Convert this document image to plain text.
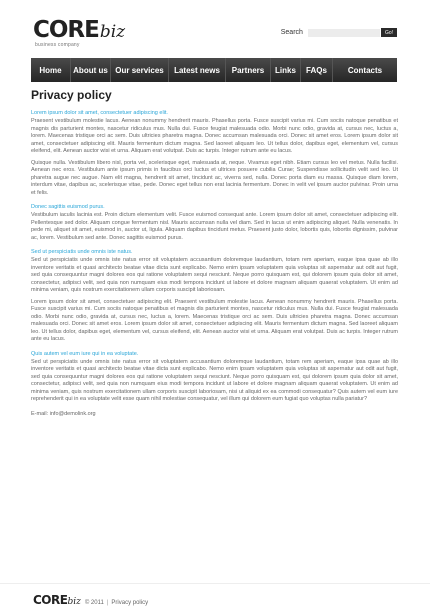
COREbiz
business company
Search	Go!
Home	About us Our services	Latest news	Partners	Links	FAQs	Contacts
Privacy policy
Lorem ipsum dolor sit amet, consectetuer adipiscing elit.

Praesent vestibulum molestie lacus. Aenean nonummy hendrerit mauris. Phasellus porta. Fusce suscipit varius mi. Cum sociis natoque penatibus et magnis dis parturient montes, nascetur ridiculus mus. Nulla dui. Fusce feugiat malesuada odio. Morbi nunc odio, gravida at, cursus nec, luctus a, lorem. Maecenas tristique orci ac sem. Duis ultricies pharetra magna. Donec accumsan malesuada orci. Donec sit amet eros. Lorem ipsum dolor sit amet, consectetuer adipiscing elit. Mauris fermentum dictum magna. Sed laoreet aliquam leo. Ut tellus dolor, dapibus eget, elementum vel, cursus eleifend, elit. Aenean auctor wisi et urna. Aliquam erat volutpat. Duis ac turpis. Integer rutrum ante eu lacus.

Quisque nulla. Vestibulum libero nisl, porta vel, scelerisque eget, malesuada at, neque. Vivamus eget nibh. Etiam cursus leo vel metus. Nulla facilisi. Aenean nec eros. Vestibulum ante ipsum primis in faucibus orci luctus et ultrices posuere cubilia Curae; Suspendisse sollicitudin velit sed leo. Ut pharetra augue nec augue. Nam elit magna, hendrerit sit amet, tincidunt ac, viverra sed, nulla. Donec porta diam eu massa. Quisque diam lorem, interdum vitae, dapibus ac, scelerisque vitae, pede. Donec eget tellus non erat lacinia fermentum. Donec in velit vel ipsum auctor pulvinar. Proin urna et felis.

Donec sagittis euismod purus.

Vestibulum iaculis lacinia est. Proin dictum elementum velit. Fusce euismod consequat ante. Lorem ipsum dolor sit amet, consectetuer adipiscing elit. Pellentesque sed dolor. Aliquam congue fermentum nisl. Mauris accumsan nulla vel diam. Sed in lacus ut enim adipiscing aliquet. Nulla venenatis. In pede mi, aliquet sit amet, euismod in, auctor ut, ligula. Aliquam dapibus tincidunt metus. Praesent justo dolor, lobortis quis, lobortis dignissim, pulvinar ac, lorem. Vestibulum sed ante. Donec sagittis euismod purus.

Sed ut perspiciatis unde omnis iste natus.

Sed ut perspiciatis unde omnis iste natus error sit voluptatem accusantium doloremque laudantium, totam rem aperiam, eaque ipsa quae ab illo inventore veritatis et quasi architecto beatae vitae dicta sunt explicabo. Nemo enim ipsam voluptatem quia voluptas sit aspernatur aut odit aut fugit, sed quia consequuntur magni dolores eos qui ratione voluptatem sequi nesciunt. Neque porro quisquam est, qui dolorem ipsum quia dolor sit amet, consectetur, adipisci velit, sed quia non numquam eius modi tempora incidunt ut labore et dolore magnam aliquam quaerat voluptatem. Ut enim ad minima veniam, quis nostrum exercitationem ullam corporis suscipit laboriosam.

Lorem ipsum dolor sit amet, consectetuer adipiscing elit. Praesent vestibulum molestie lacus. Aenean nonummy hendrerit mauris. Phasellus porta. Fusce suscipit varius mi. Cum sociis natoque penatibus et magnis dis parturient montes, nascetur ridiculus mus. Nulla dui. Fusce feugiat malesuada odio. Morbi nunc odio, gravida at, cursus nec, luctus a, lorem. Maecenas tristique orci ac sem. Duis ultricies pharetra magna. Donec accumsan malesuada orci. Donec sit amet eros. Lorem ipsum dolor sit amet, consectetuer adipiscing elit. Mauris fermentum dictum magna. Sed laoreet aliquam leo. Ut tellus dolor, dapibus eget, elementum vel, cursus eleifend, elit. Aenean auctor wisi et urna. Aliquam erat volutpat. Duis ac turpis. Integer rutrum ante eu lacus.

Quis autem vel eum iure qui in ea voluptate.

Sed ut perspiciatis unde omnis iste natus error sit voluptatem accusantium doloremque laudantium, totam rem aperiam, eaque ipsa quae ab illo inventore veritatis et quasi architecto beatae vitae dicta sunt explicabo. Nemo enim ipsam voluptatem quia voluptas sit aspernatur aut odit aut fugit, sed quia consequuntur magni dolores eos qui ratione voluptatem sequi nesciunt. Neque porro quisquam est, qui dolorem ipsum quia dolor sit amet, consectetur, adipisci velit, sed quia non numquam eius modi tempora incidunt ut labore et dolore magnam aliquam quaerat voluptatem. Ut enim ad minima veniam, quis nostrum exercitationem ullam corporis suscipit laboriosam, nisi ut aliquid ex ea commodi consequatur? Quis autem vel eum iure reprehenderit qui in ea voluptate velit esse quam nihil molestiae consequatur, vel illum qui dolorem eum fugiat quo voluptas nulla pariatur?

E-mail: info@demolink.org
CORE biz © 2011 | Privacy policy
